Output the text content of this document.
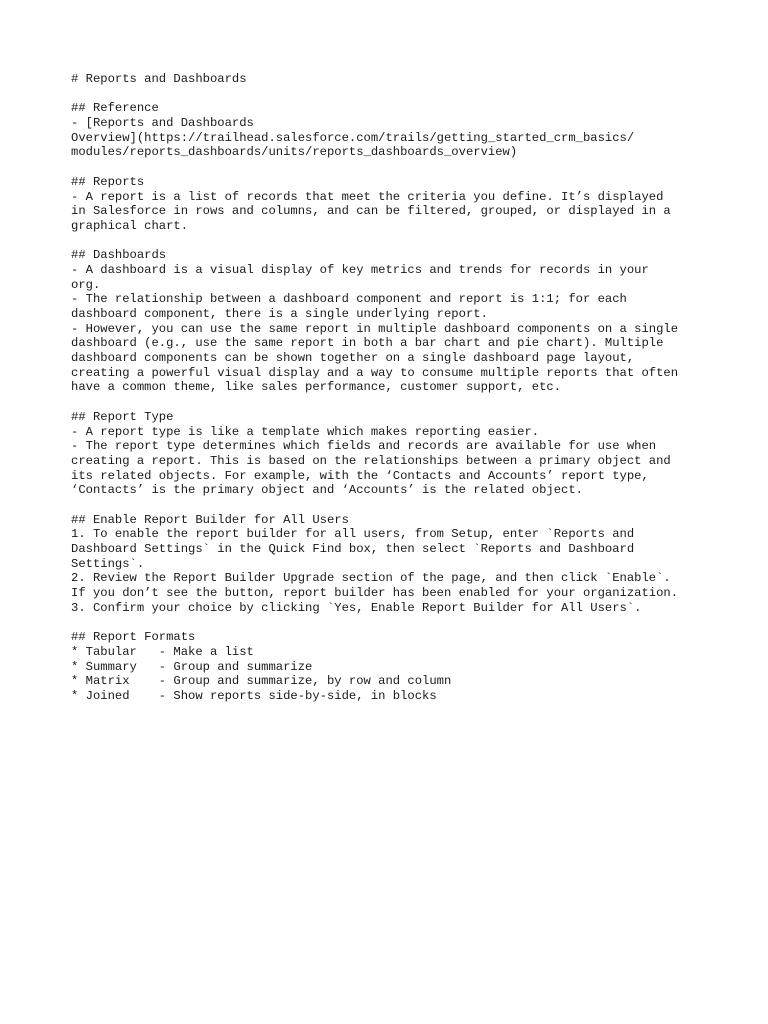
# Reports and Dashboards
## Reference
- [Reports and Dashboards
Overview](https://trailhead.salesforce.com/trails/getting_started_crm_basics/
modules/reports_dashboards/units/reports_dashboards_overview)
## Reports
- A report is a list of records that meet the criteria you define. It’s displayed
in Salesforce in rows and columns, and can be filtered, grouped, or displayed in a
graphical chart.
## Dashboards
- A dashboard is a visual display of key metrics and trends for records in your
org.
- The relationship between a dashboard component and report is 1:1; for each
dashboard component, there is a single underlying report.
- However, you can use the same report in multiple dashboard components on a single
dashboard (e.g., use the same report in both a bar chart and pie chart). Multiple
dashboard components can be shown together on a single dashboard page layout,
creating a powerful visual display and a way to consume multiple reports that often
have a common theme, like sales performance, customer support, etc.
## Report Type
- A report type is like a template which makes reporting easier.
- The report type determines which fields and records are available for use when
creating a report. This is based on the relationships between a primary object and
its related objects. For example, with the ‘Contacts and Accounts’ report type,
‘Contacts’ is the primary object and ‘Accounts’ is the related object.
## Enable Report Builder for All Users
1. To enable the report builder for all users, from Setup, enter `Reports and
Dashboard Settings` in the Quick Find box, then select `Reports and Dashboard
Settings`.
2. Review the Report Builder Upgrade section of the page, and then click `Enable`.
If you don’t see the button, report builder has been enabled for your organization.
3. Confirm your choice by clicking `Yes, Enable Report Builder for All Users`.
## Report Formats
* Tabular   - Make a list
* Summary   - Group and summarize
* Matrix    - Group and summarize, by row and column
* Joined    - Show reports side-by-side, in blocks
